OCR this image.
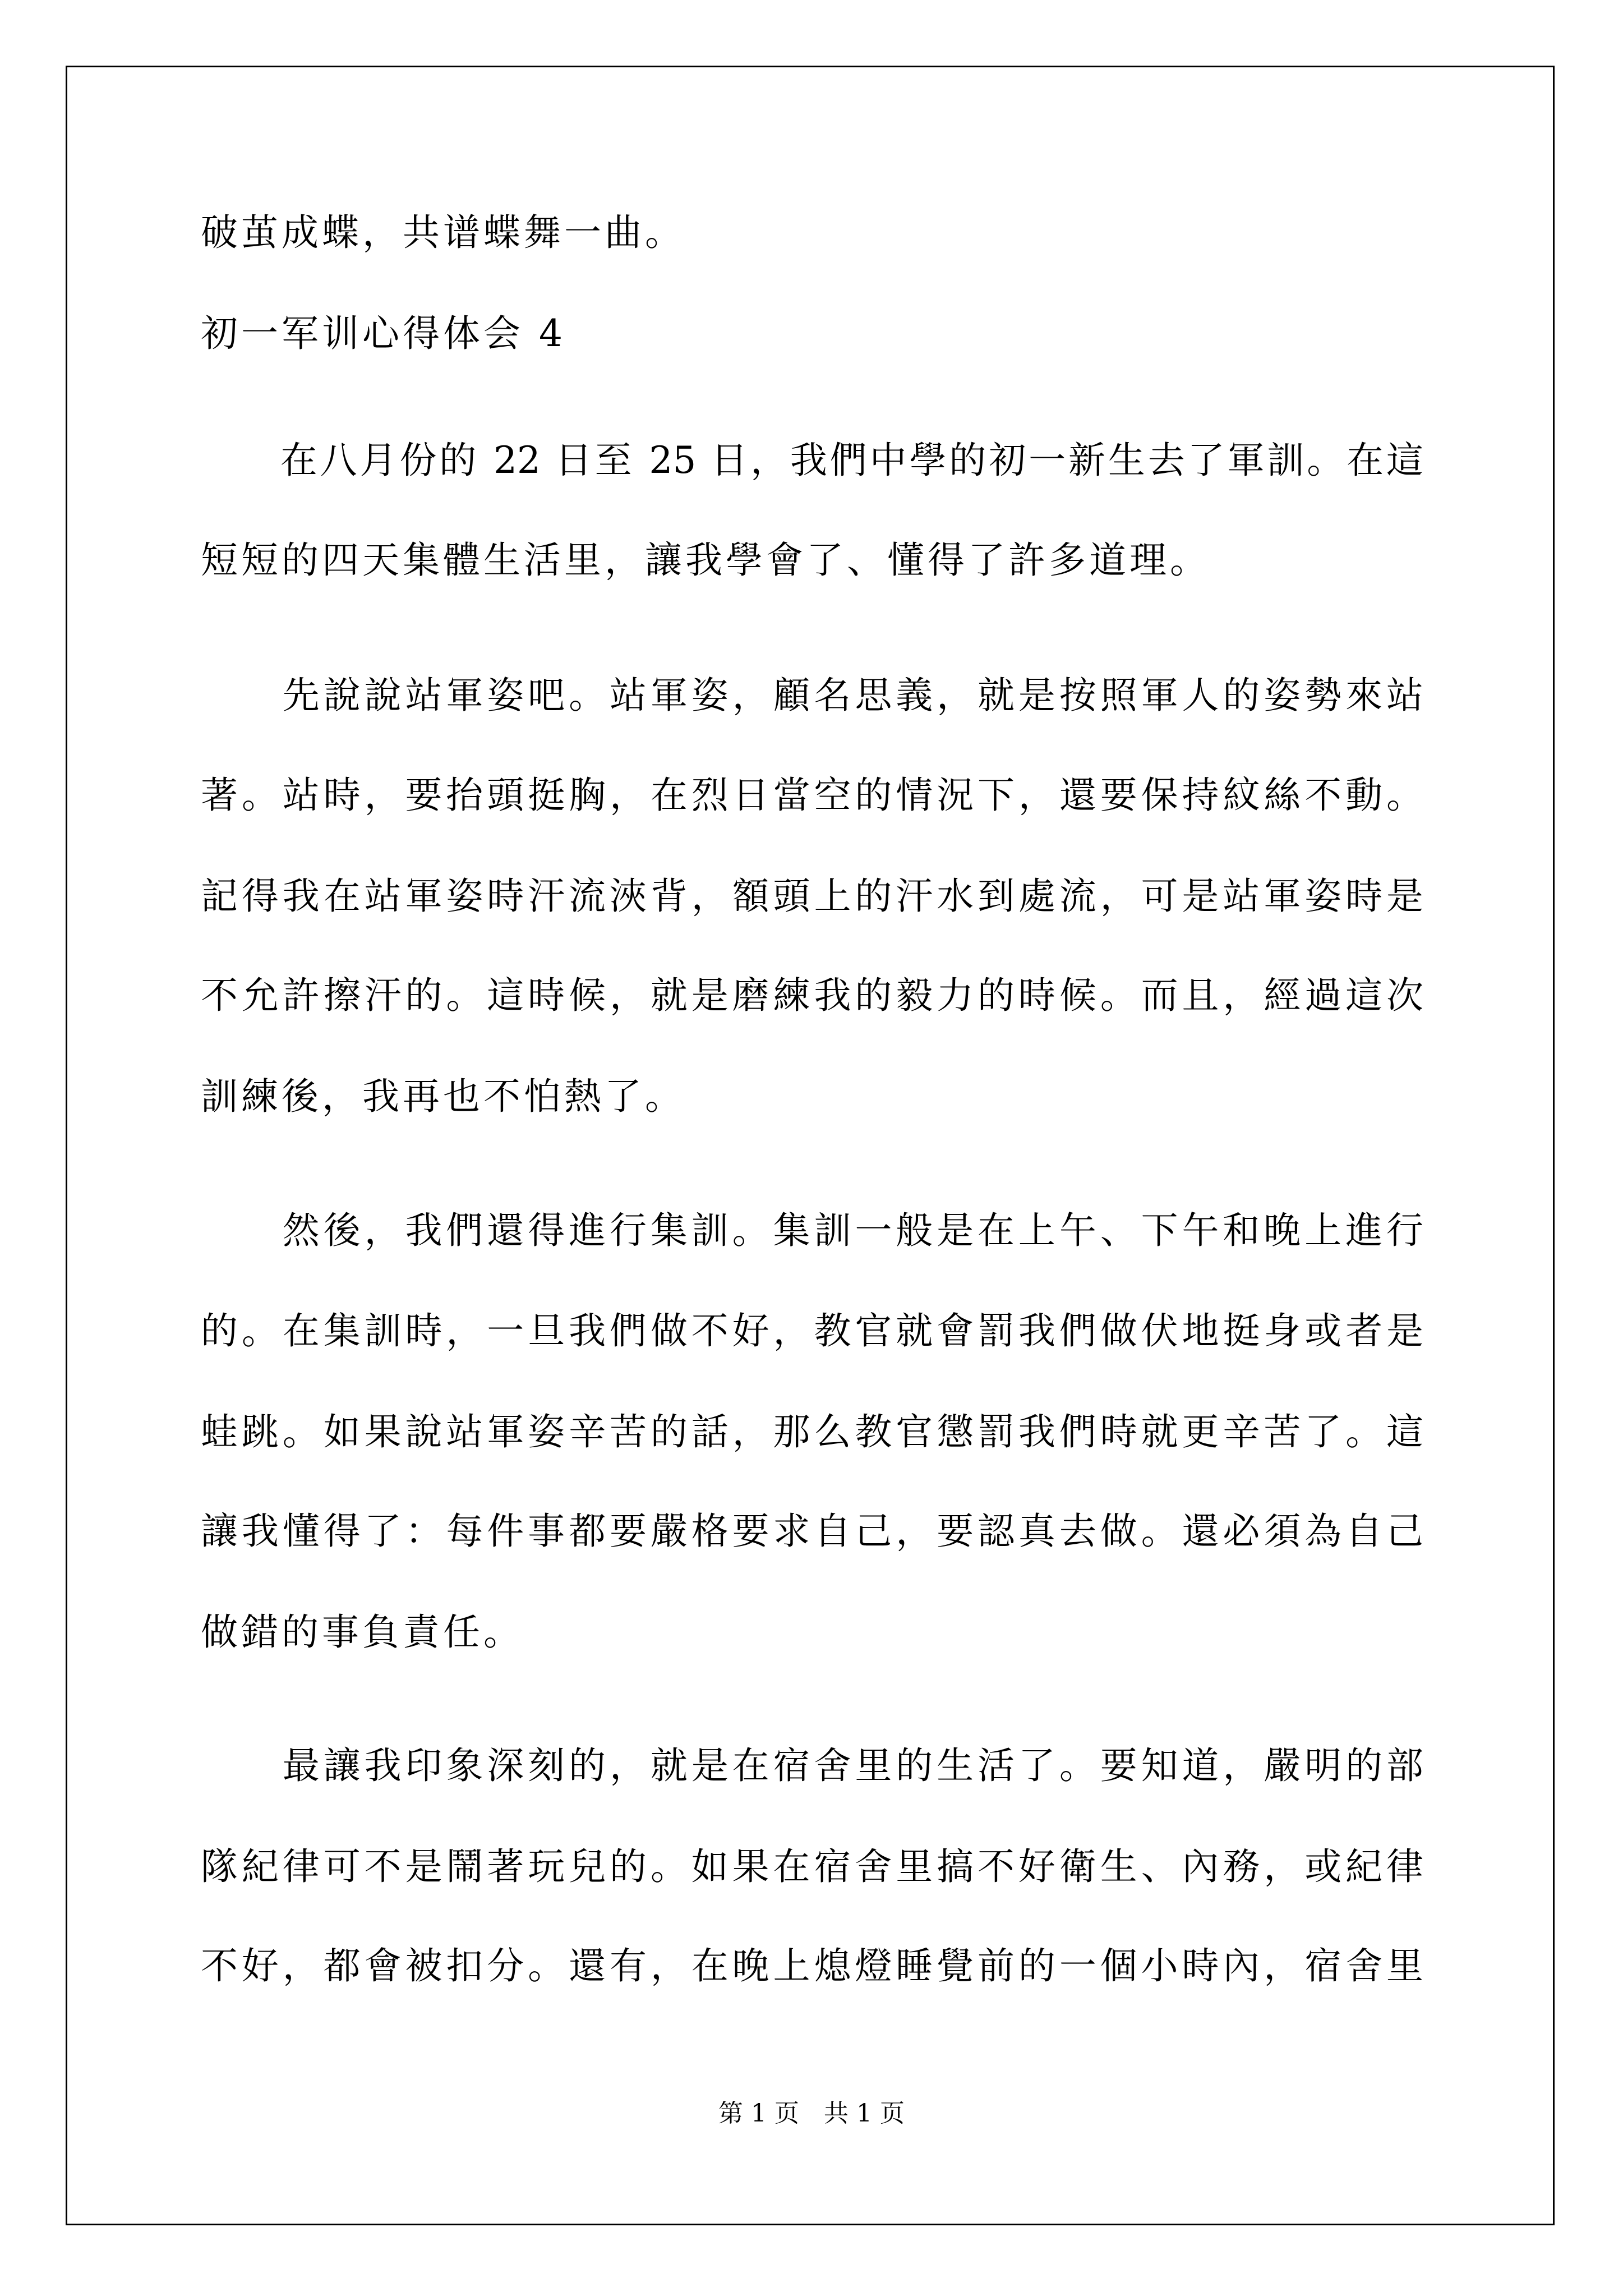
破茧成蝶，共谱蝶舞一曲。
初一军训心得体会 4
　　在八月份的 22 日至 25 日，我們中學的初一新生去了軍訓。在這
短短的四天集體生活里，讓我學會了、懂得了許多道理。
　　先說說站軍姿吧。站軍姿，顧名思義，就是按照軍人的姿勢來站
著。站時，要抬頭挺胸，在烈日當空的情況下，還要保持紋絲不動。
記得我在站軍姿時汗流浹背，額頭上的汗水到處流，可是站軍姿時是
不允許擦汗的。這時候，就是磨練我的毅力的時候。而且，經過這次
訓練後，我再也不怕熱了。
　　然後，我們還得進行集訓。集訓一般是在上午、下午和晚上進行
的。在集訓時，一旦我們做不好，教官就會罰我們做伏地挺身或者是
蛙跳。如果說站軍姿辛苦的話，那么教官懲罰我們時就更辛苦了。這
讓我懂得了：每件事都要嚴格要求自己，要認真去做。還必須為自己
做錯的事負責任。
　　最讓我印象深刻的，就是在宿舍里的生活了。要知道，嚴明的部
隊紀律可不是鬧著玩兒的。如果在宿舍里搞不好衛生、內務，或紀律
不好，都會被扣分。還有，在晚上熄燈睡覺前的一個小時內，宿舍里
第 1 页　共 1 页
